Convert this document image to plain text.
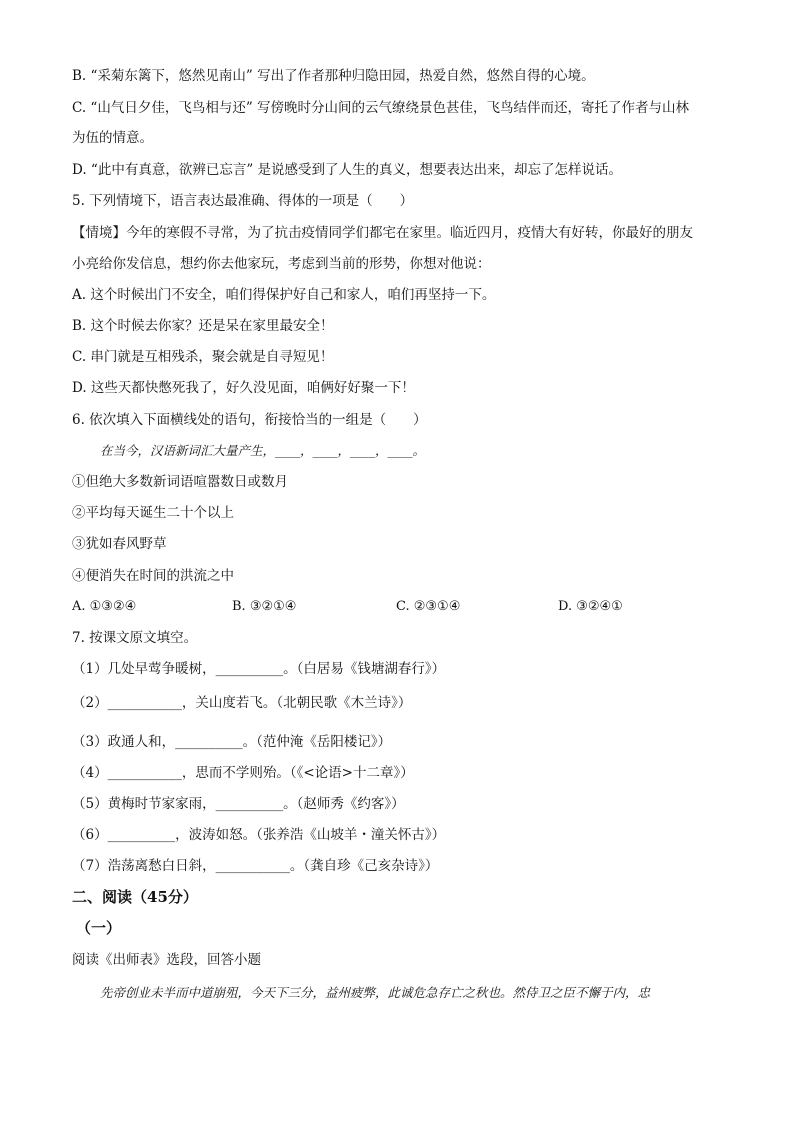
B. “采菊东篱下，悠然见南山” 写出了作者那种归隐田园，热爱自然，悠然自得的心境。
C. “山气日夕佳，飞鸟相与还” 写傍晚时分山间的云气缭绕景色甚佳，飞鸟结伴而还，寄托了作者与山林
为伍的情意。
D. “此中有真意，欲辨已忘言” 是说感受到了人生的真义，想要表达出来，却忘了怎样说话。
5. 下列情境下，语言表达最准确、得体的一项是（　　）
【情境】今年的寒假不寻常，为了抗击疫情同学们都宅在家里。临近四月，疫情大有好转，你最好的朋友
小亮给你发信息，想约你去他家玩，考虑到当前的形势，你想对他说：
A. 这个时候出门不安全，咱们得保护好自己和家人，咱们再坚持一下。
B. 这个时候去你家？还是呆在家里最安全！
C. 串门就是互相残杀，聚会就是自寻短见！
D. 这些天都快憋死我了，好久没见面，咱俩好好聚一下！
6. 依次填入下面横线处的语句，衔接恰当的一组是（　　）
在当今，汉语新词汇大量产生，____，____，____，____。
①但绝大多数新词语喧嚣数日或数月
②平均每天诞生二十个以上
③犹如春风野草
④便消失在时间的洪流之中
A. ①③②④	B. ③②①④	C. ②③①④	D. ③②④①
7. 按课文原文填空。
（1）几处早莺争暖树，__________。（白居易《钱塘湖春行》）
（2）___________，关山度若飞。（北朝民歌《木兰诗》）
（3）政通人和，__________。（范仲淹《岳阳楼记》）
（4）___________，思而不学则殆。（《<论语>十二章》）
（5）黄梅时节家家雨，__________。（赵师秀《约客》）
（6）__________，波涛如怒。（张养浩《山坡羊・潼关怀古》）
（7）浩荡离愁白日斜，___________。（龚自珍《己亥杂诗》）
二、阅读（45分）
（一）
阅读《出师表》选段，回答小题
先帝创业未半而中道崩殂，今天下三分，益州疲弊，此诚危急存亡之秋也。然侍卫之臣不懈于内，忠
